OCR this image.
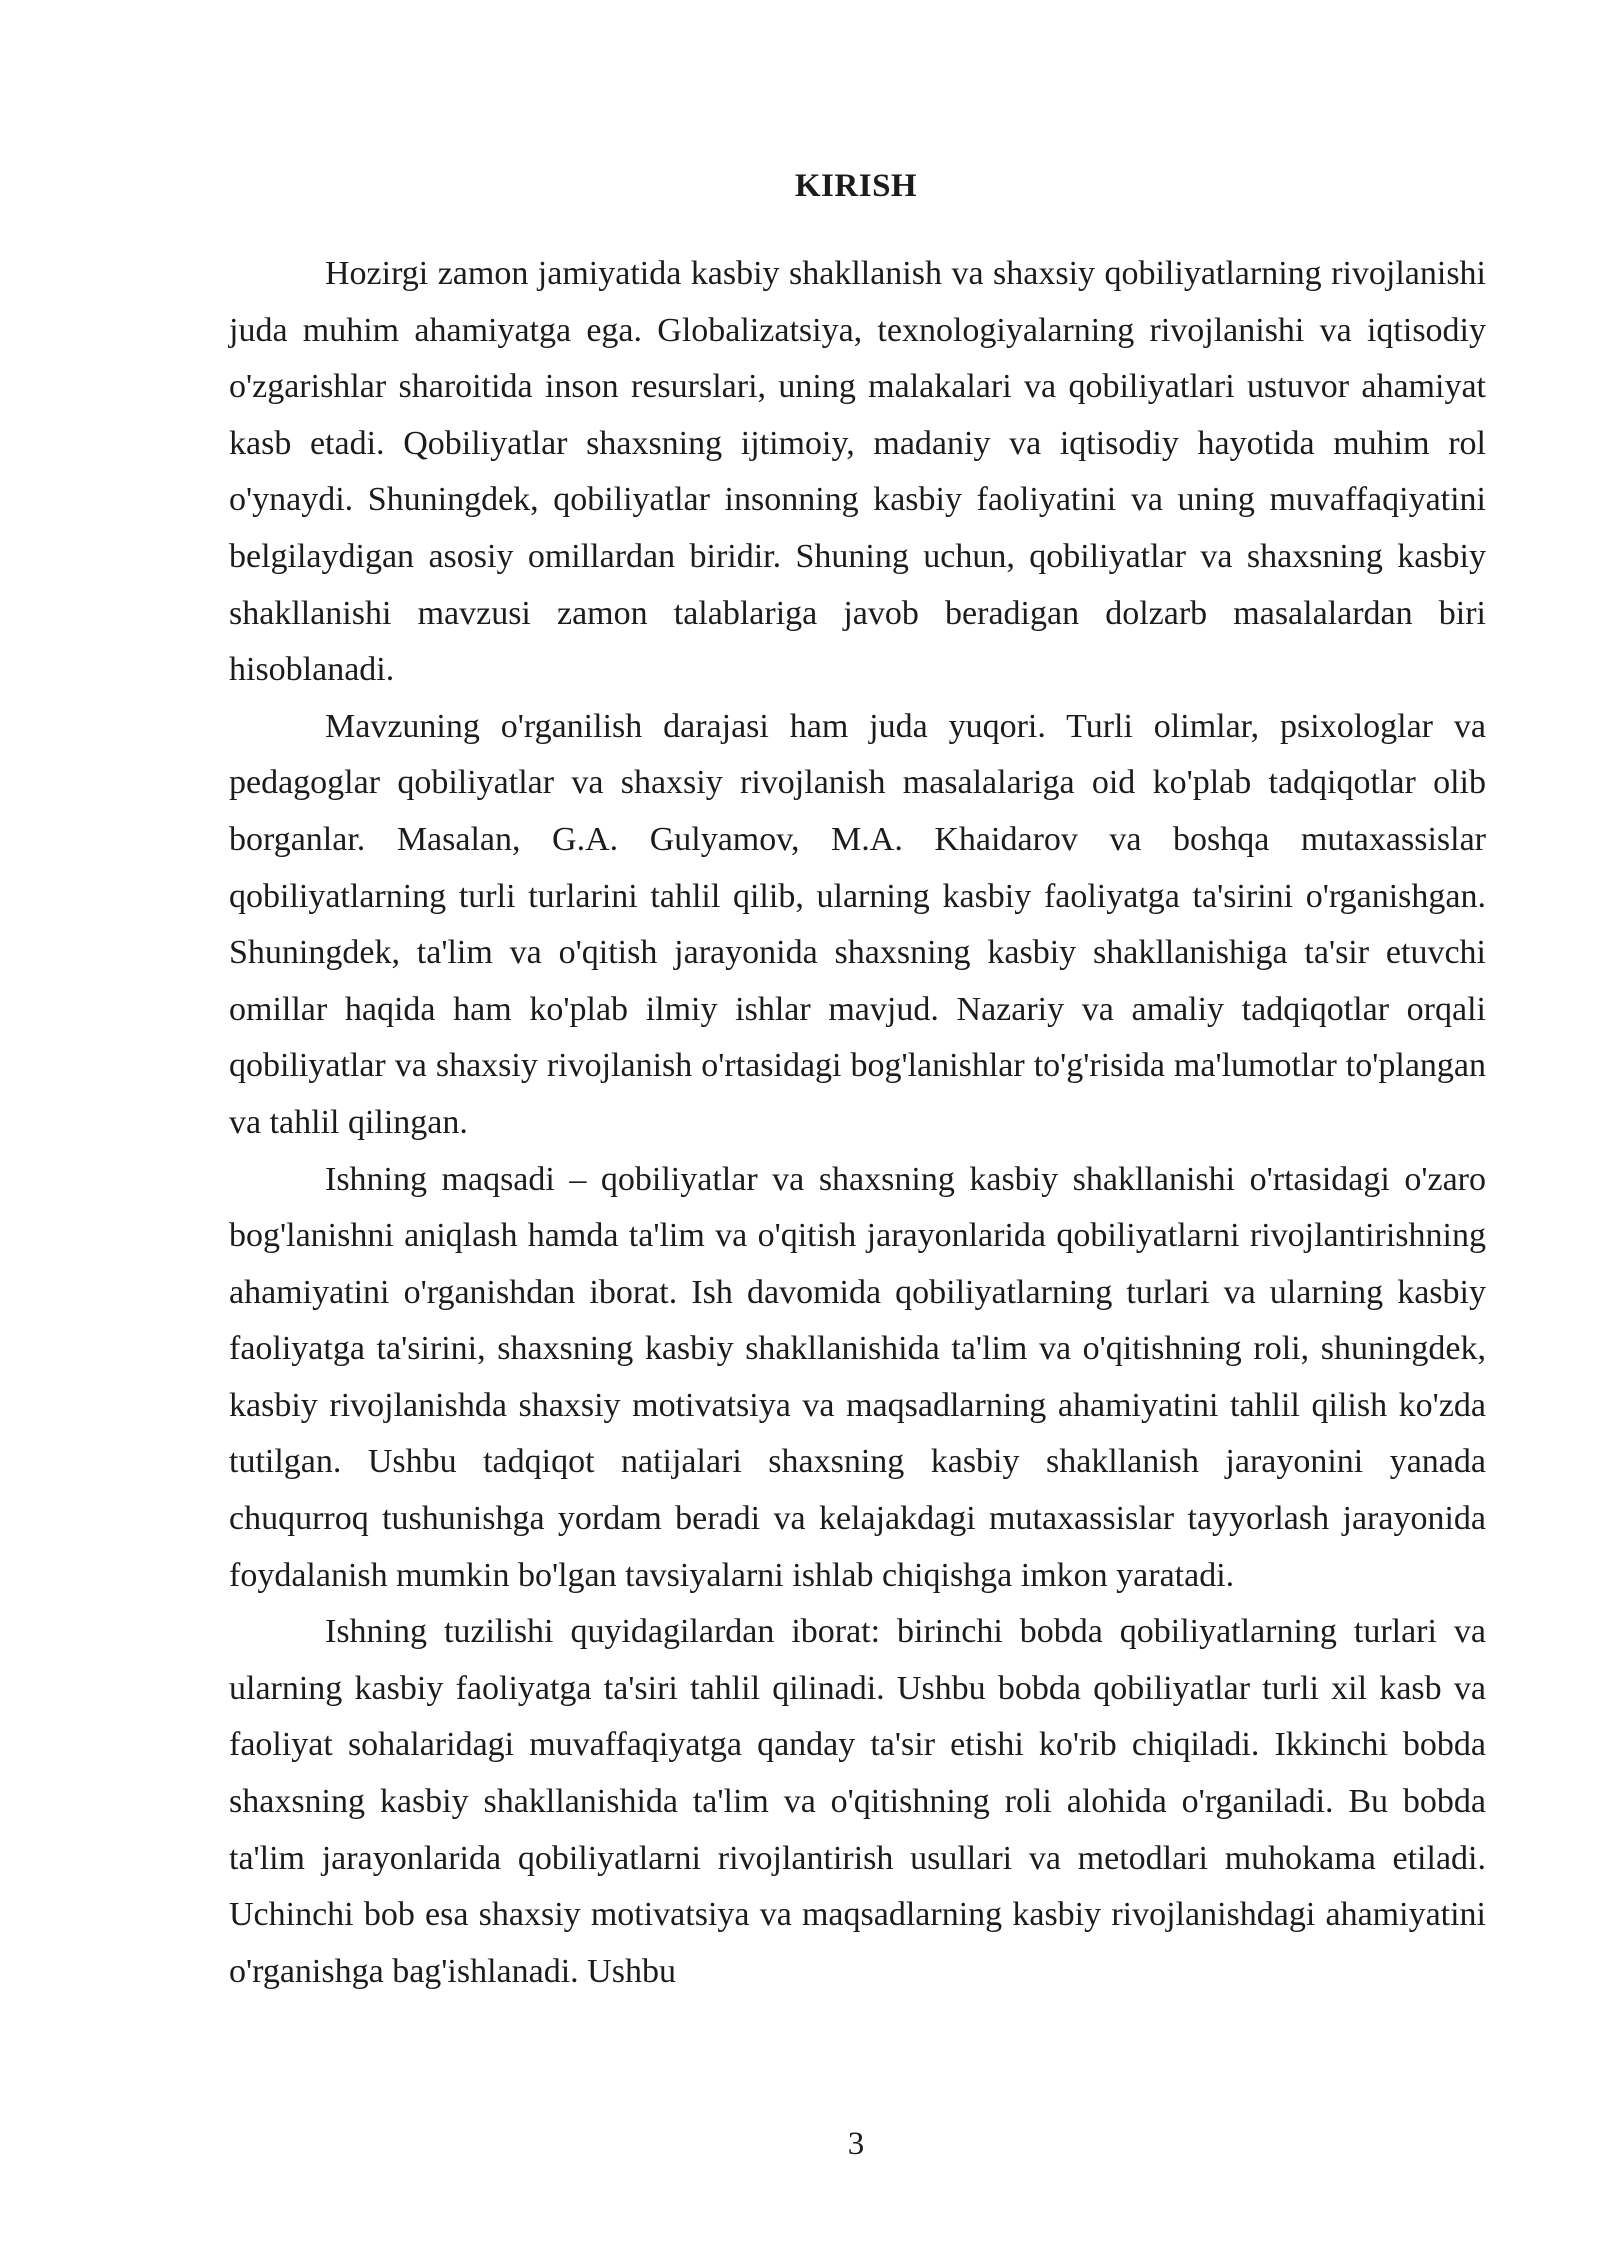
KIRISH

Hozirgi zamon jamiyatida kasbiy shakllanish va shaxsiy qobiliyatlarning rivojlanishi juda muhim ahamiyatga ega. Globalizatsiya, texnologiyalarning rivojlanishi va iqtisodiy o'zgarishlar sharoitida inson resurslari, uning malakalari va qobiliyatlari ustuvor ahamiyat kasb etadi. Qobiliyatlar shaxsning ijtimoiy, madaniy va iqtisodiy hayotida muhim rol o'ynaydi. Shuningdek, qobiliyatlar insonning kasbiy faoliyatini va uning muvaffaqiyatini belgilaydigan asosiy omillardan biridir. Shuning uchun, qobiliyatlar va shaxsning kasbiy shakllanishi mavzusi zamon talablariga javob beradigan dolzarb masalalardan biri hisoblanadi.

Mavzuning o'rganilish darajasi ham juda yuqori. Turli olimlar, psixologlar va pedagoglar qobiliyatlar va shaxsiy rivojlanish masalalariga oid ko'plab tadqiqotlar olib borganlar. Masalan, G.A. Gulyamov, M.A. Khaidarov va boshqa mutaxassislar qobiliyatlarning turli turlarini tahlil qilib, ularning kasbiy faoliyatga ta'sirini o'rganishgan. Shuningdek, ta'lim va o'qitish jarayonida shaxsning kasbiy shakllanishiga ta'sir etuvchi omillar haqida ham ko'plab ilmiy ishlar mavjud. Nazariy va amaliy tadqiqotlar orqali qobiliyatlar va shaxsiy rivojlanish o'rtasidagi bog'lanishlar to'g'risida ma'lumotlar to'plangan va tahlil qilingan.

Ishning maqsadi – qobiliyatlar va shaxsning kasbiy shakllanishi o'rtasidagi o'zaro bog'lanishni aniqlash hamda ta'lim va o'qitish jarayonlarida qobiliyatlarni rivojlantirishning ahamiyatini o'rganishdan iborat. Ish davomida qobiliyatlarning turlari va ularning kasbiy faoliyatga ta'sirini, shaxsning kasbiy shakllanishida ta'lim va o'qitishning roli, shuningdek, kasbiy rivojlanishda shaxsiy motivatsiya va maqsadlarning ahamiyatini tahlil qilish ko'zda tutilgan. Ushbu tadqiqot natijalari shaxsning kasbiy shakllanish jarayonini yanada chuqurroq tushunishga yordam beradi va kelajakdagi mutaxassislar tayyorlash jarayonida foydalanish mumkin bo'lgan tavsiyalarni ishlab chiqishga imkon yaratadi.

Ishning tuzilishi quyidagilardan iborat: birinchi bobda qobiliyatlarning turlari va ularning kasbiy faoliyatga ta'siri tahlil qilinadi. Ushbu bobda qobiliyatlar turli xil kasb va faoliyat sohalaridagi muvaffaqiyatga qanday ta'sir etishi ko'rib chiqiladi. Ikkinchi bobda shaxsning kasbiy shakllanishida ta'lim va o'qitishning roli alohida o'rganiladi. Bu bobda ta'lim jarayonlarida qobiliyatlarni rivojlantirish usullari va metodlari muhokama etiladi. Uchinchi bob esa shaxsiy motivatsiya va maqsadlarning kasbiy rivojlanishdagi ahamiyatini o'rganishga bag'ishlanadi. Ushbu

3
